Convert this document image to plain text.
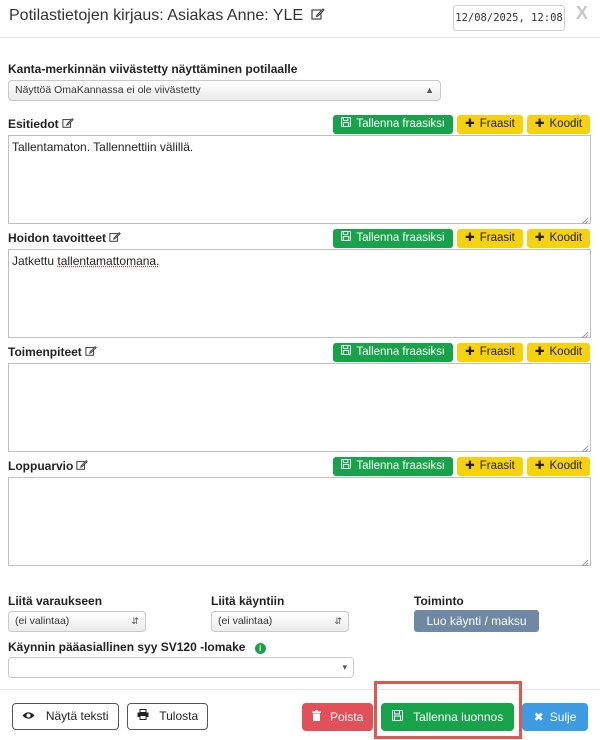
Potilastietojen kirjaus: Asiakas Anne: YLE	12/08/2025, 12:08 X
Kanta-merkinnän viivästetty näyttäminen potilaalle
Näyttöä OmaKannassa ei ole viivästetty	▲

Esitiedot	Tallenna fraasiksi	✚ Fraasit	✚ Koodit
Tallentamaton. Tallennettiin välillä.
Hoidon tavoitteet	Tallenna fraasiksi	✚ Fraasit	✚ Koodit
Jatkettu tallentamattomana.
Toimenpiteet	Tallenna fraasiksi	✚ Fraasit	✚ Koodit
Loppuarvio	Tallenna fraasiksi	✚ Fraasit	✚ Koodit
Liitä varaukseen
(ei valintaa)	⇵
Liitä käyntiin
(ei valintaa)	⇵
Toiminto
Luo käynti / maksu
Käynnin pääasiallinen syy SV120 -lomake i
▾
Näytä teksti	Tulosta	Poista	Tallenna luonnos	✖ Sulje
